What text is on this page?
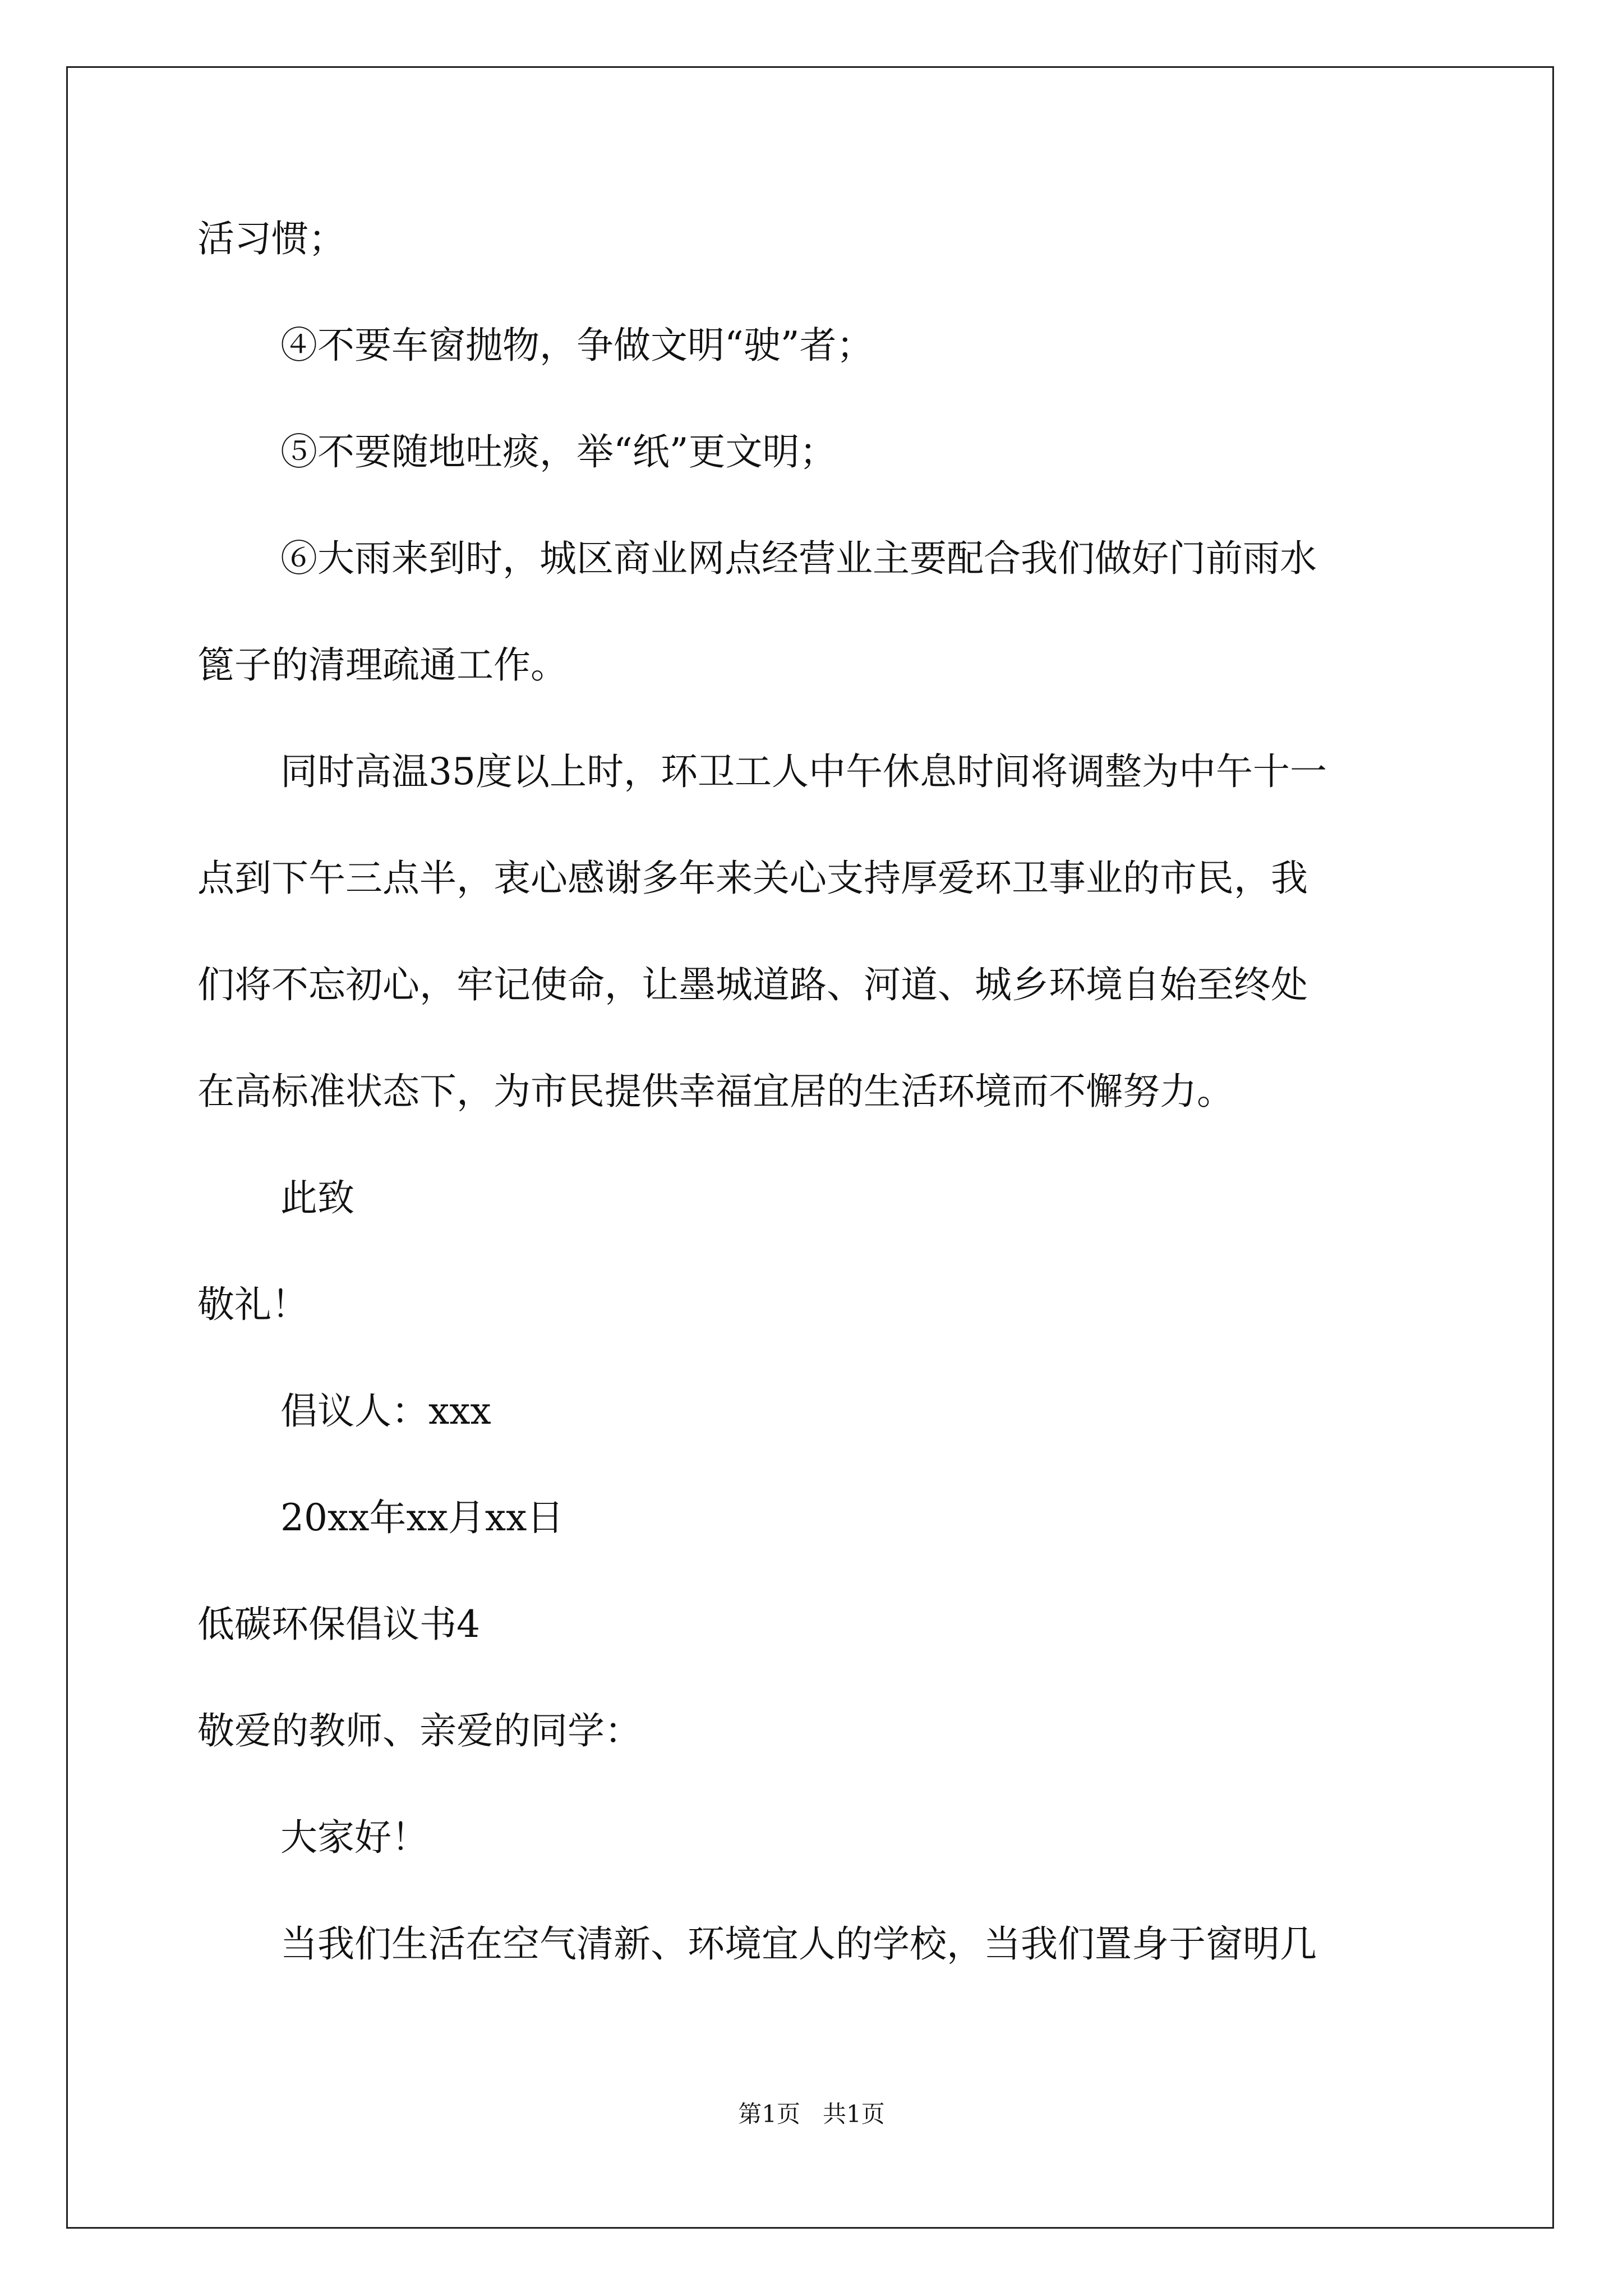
活习惯；

④不要车窗抛物，争做文明“驶”者；

⑤不要随地吐痰，举“纸”更文明；

⑥大雨来到时，城区商业网点经营业主要配合我们做好门前雨水

篦子的清理疏通工作。

同时高温35度以上时，环卫工人中午休息时间将调整为中午十一

点到下午三点半，衷心感谢多年来关心支持厚爱环卫事业的市民，我

们将不忘初心，牢记使命，让墨城道路、河道、城乡环境自始至终处

在高标准状态下，为市民提供幸福宜居的生活环境而不懈努力。

此致

敬礼！

倡议人：xxx

20xx年xx月xx日

低碳环保倡议书4

敬爱的教师、亲爱的同学：

大家好！

当我们生活在空气清新、环境宜人的学校，当我们置身于窗明几

第1页 共1页
